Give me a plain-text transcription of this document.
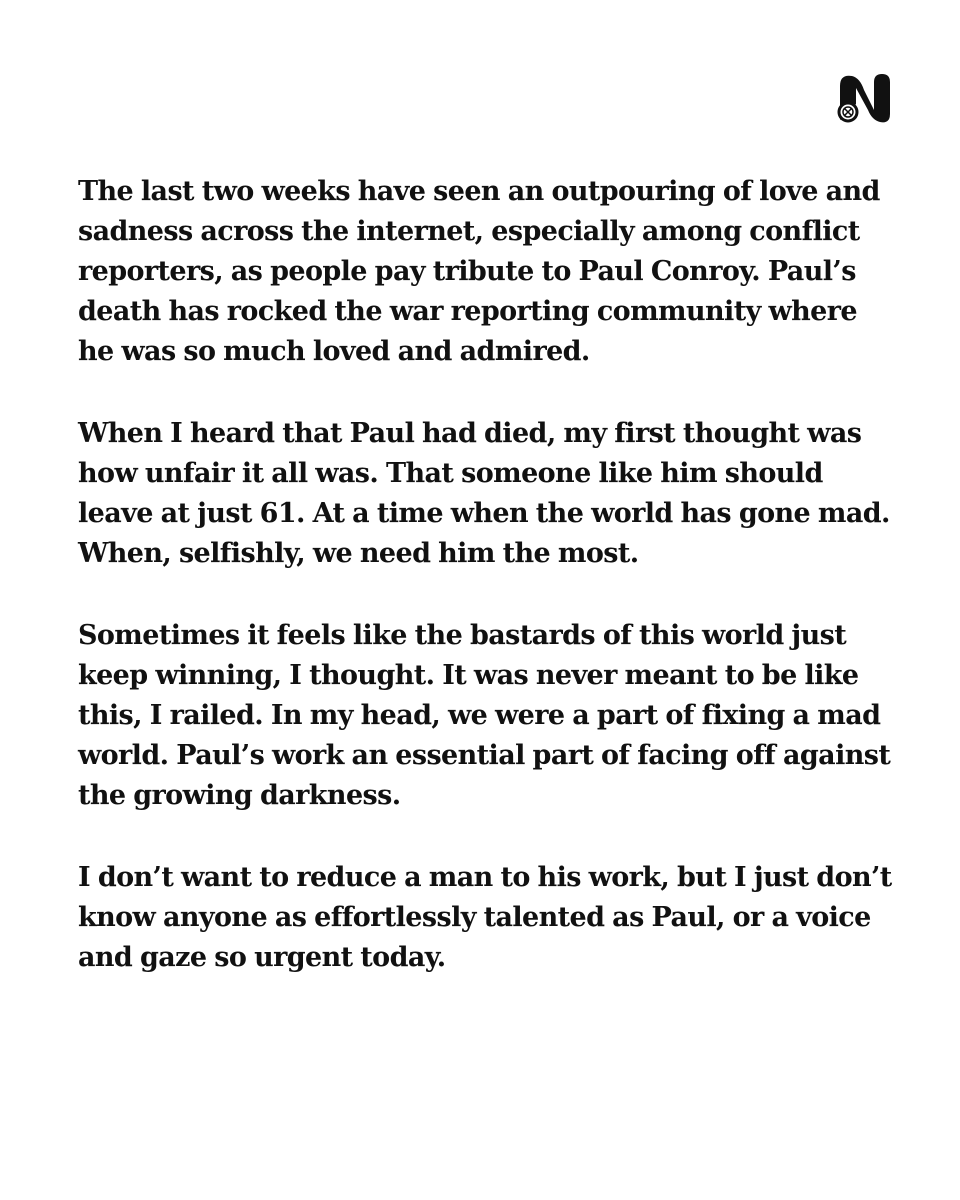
The last two weeks have seen an outpouring of love and sadness across the internet, especially among conflict reporters, as people pay tribute to Paul Conroy. Paul’s death has rocked the war reporting community where he was so much loved and admired.

When I heard that Paul had died, my first thought was how unfair it all was. That someone like him should leave at just 61. At a time when the world has gone mad. When, selfishly, we need him the most.

Sometimes it feels like the bastards of this world just keep winning, I thought. It was never meant to be like this, I railed. In my head, we were a part of fixing a mad world. Paul’s work an essential part of facing off against the growing darkness.

I don’t want to reduce a man to his work, but I just don’t know anyone as effortlessly talented as Paul, or a voice and gaze so urgent today.
